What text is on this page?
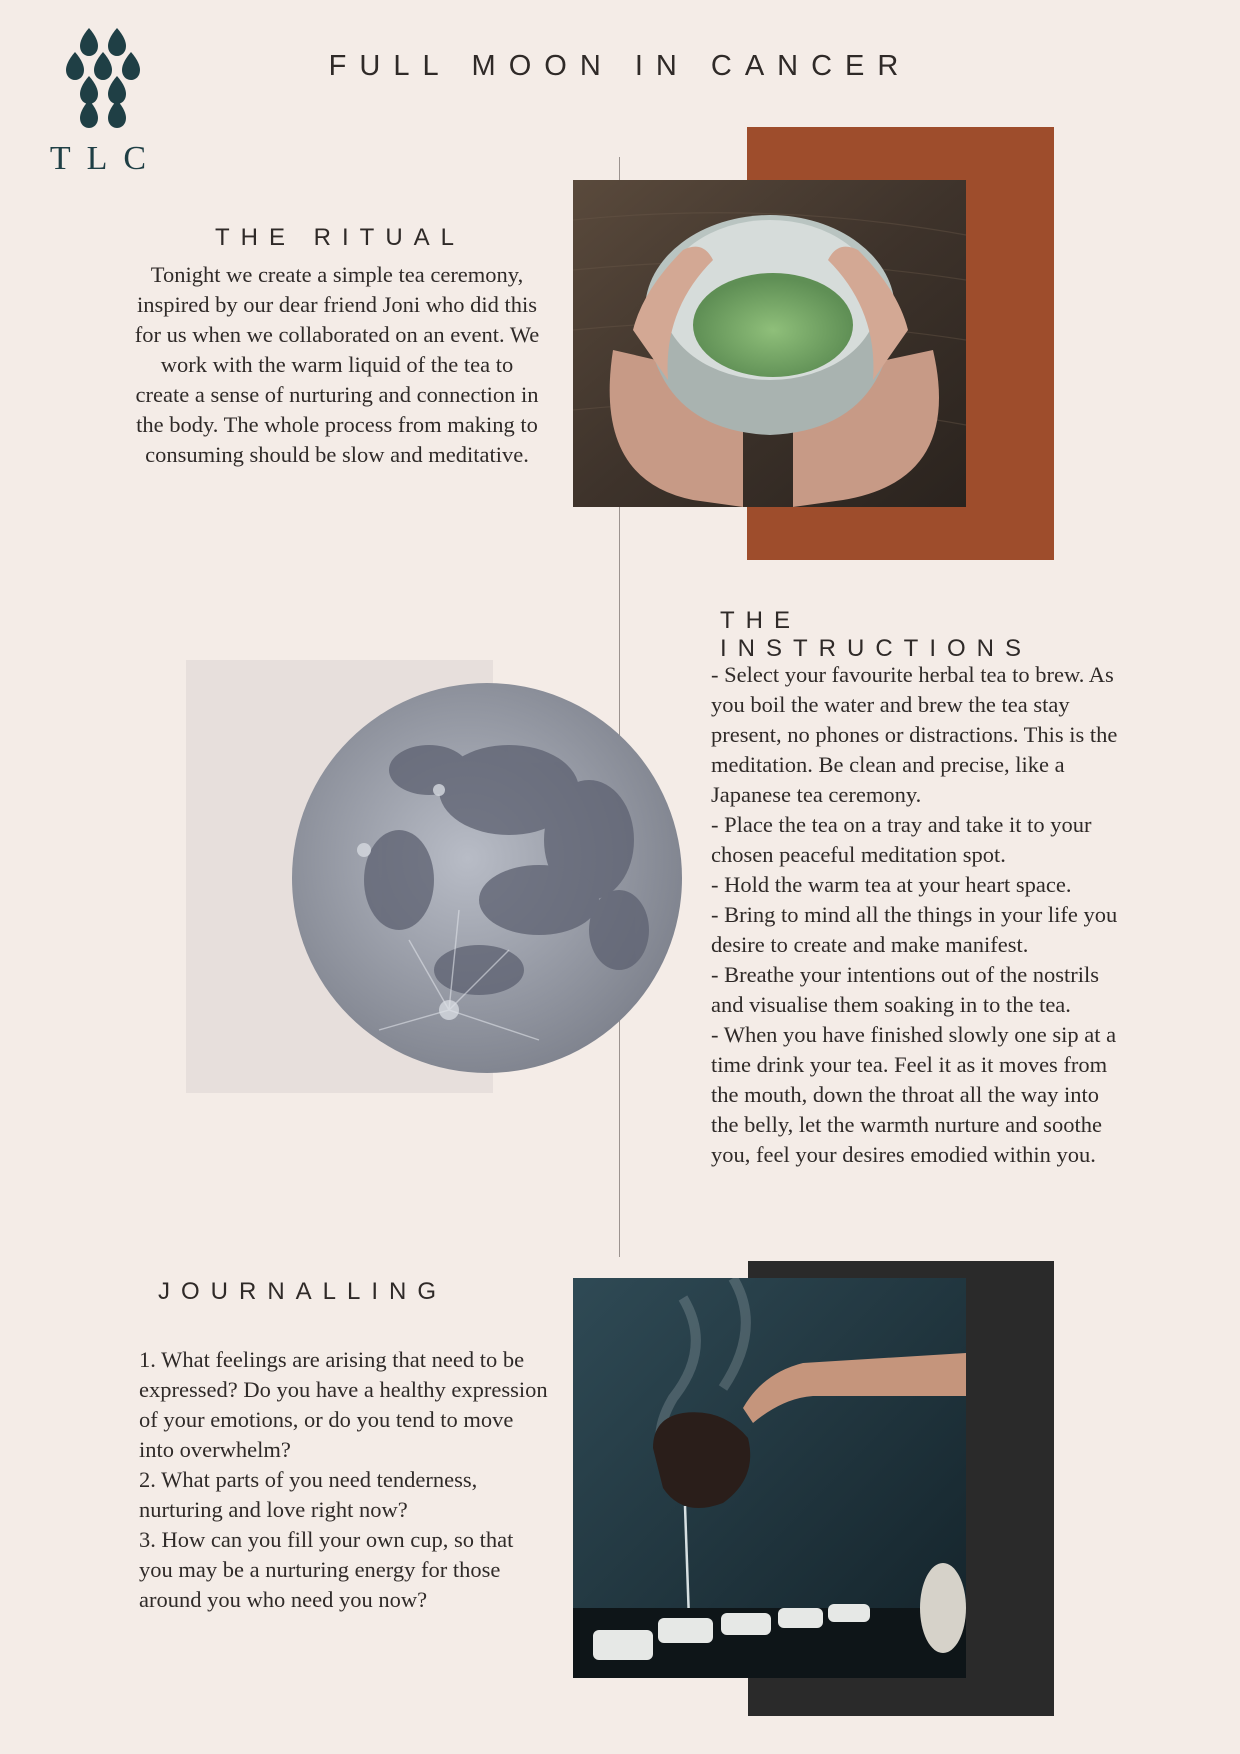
TLC
FULL MOON IN CANCER
THE RITUAL
Tonight we create a simple tea ceremony, inspired by our dear friend Joni who did this for us when we collaborated on an event. We work with the warm liquid of the tea to create a sense of nurturing and connection in the body. The whole process from making to consuming should be slow and meditative.
THE INSTRUCTIONS

- Select your favourite herbal tea to brew. As you boil the water and brew the tea stay present, no phones or distractions. This is the meditation. Be clean and precise, like a Japanese tea ceremony.

- Place the tea on a tray and take it to your chosen peaceful meditation spot.

- Hold the warm tea at your heart space.

- Bring to mind all the things in your life you desire to create and make manifest.

- Breathe your intentions out of the nostrils and visualise them soaking in to the tea.

- When you have finished slowly one sip at a time drink your tea. Feel it as it moves from the mouth, down the throat all the way into the belly, let the warmth nurture and soothe you, feel your desires emodied within you.

JOURNALLING

1. What feelings are arising that need to be expressed? Do you have a healthy expression of your emotions, or do you tend to move into overwhelm?

2. What parts of you need tenderness, nurturing and love right now?

3. How can you fill your own cup, so that you may be a nurturing energy for those around you who need you now?
